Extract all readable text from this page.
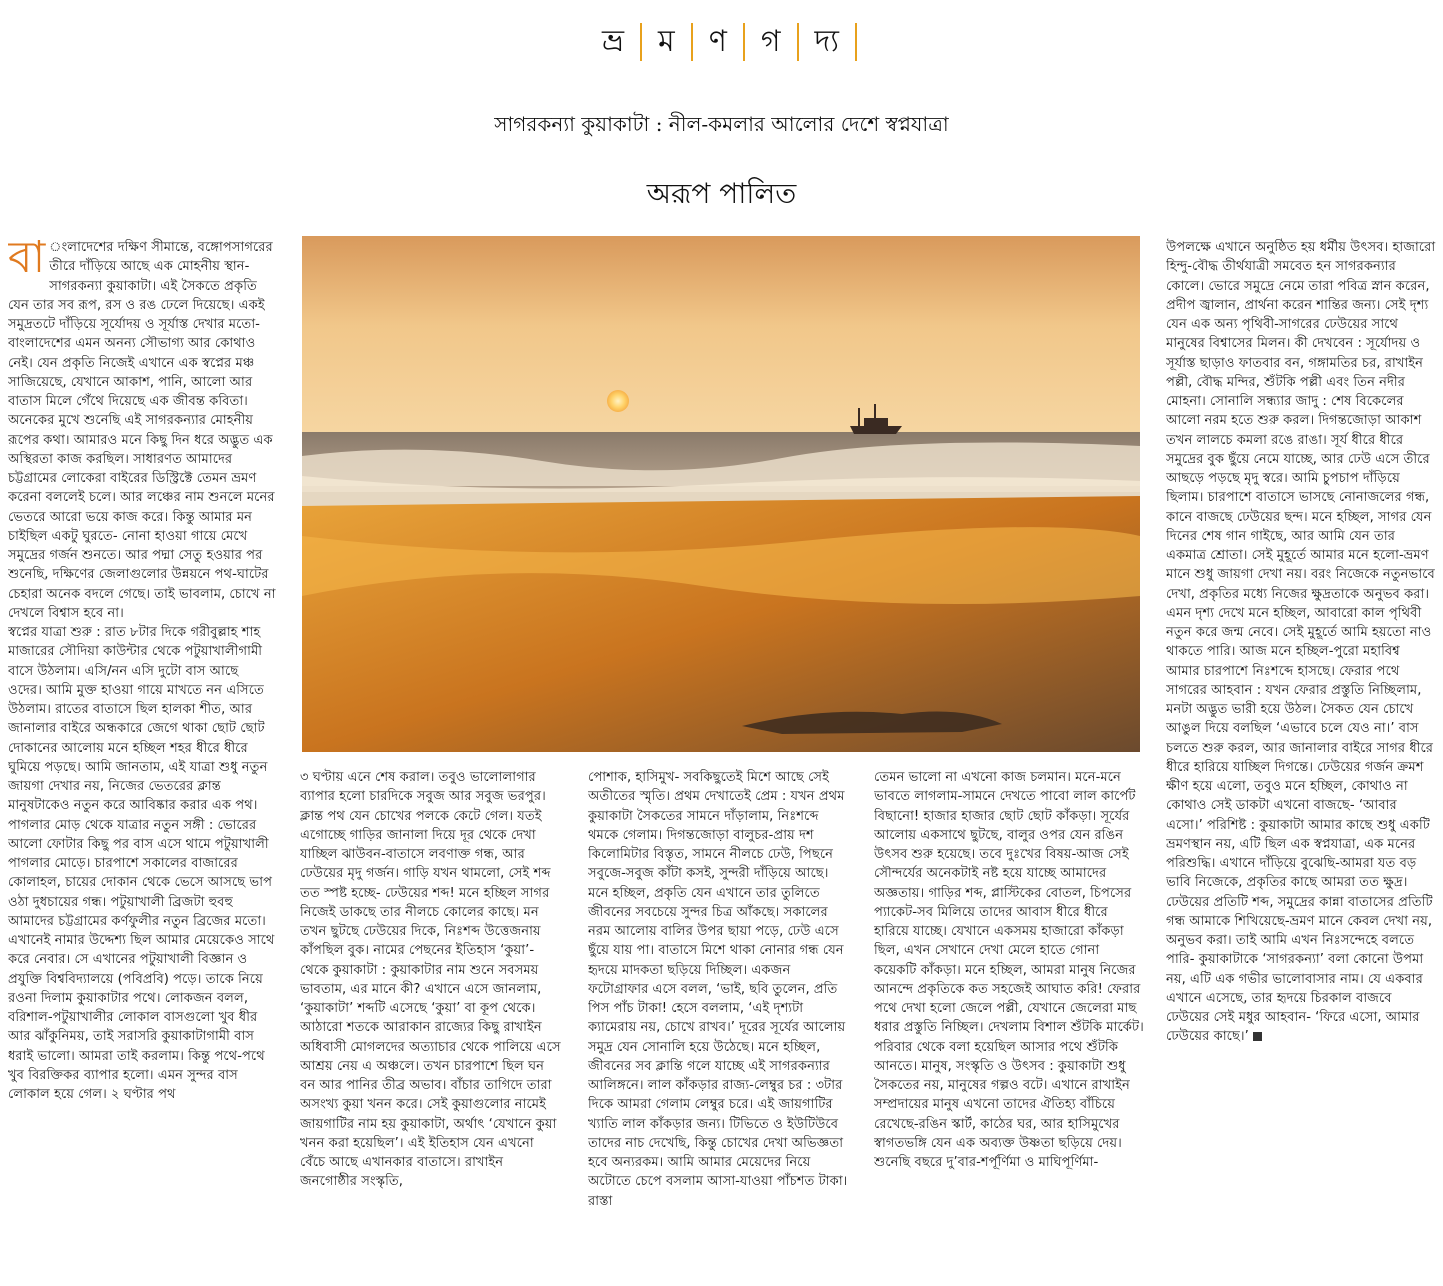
ভ্র	ম	ণ	গ	দ্য
সাগরকন্যা কুয়াকাটা : নীল-কমলার আলোর দেশে স্বপ্নযাত্রা
অরূপ পালিত

বা ংলাদেশের দক্ষিণ সীমান্তে, বঙ্গোপসাগরের তীরে দাঁড়িয়ে আছে এক মোহনীয় স্থান-সাগরকন্যা কুয়াকাটা। এই সৈকতে প্রকৃতি যেন তার সব রূপ, রস ও রঙ ঢেলে দিয়েছে। একই সমুদ্রতটে দাঁড়িয়ে সূর্যোদয় ও সূর্যাস্ত দেখার মতো-বাংলাদেশের এমন অনন্য সৌভাগ্য আর কোথাও নেই। যেন প্রকৃতি নিজেই এখানে এক স্বপ্নের মঞ্চ সাজিয়েছে, যেখানে আকাশ, পানি, আলো আর বাতাস মিলে গেঁথে দিয়েছে এক জীবন্ত কবিতা। অনেকের মুখে শুনেছি এই সাগরকন্যার মোহনীয় রূপের কথা। আমারও মনে কিছু দিন ধরে অদ্ভুত এক অস্থিরতা কাজ করছিল। সাধারণত আমাদের চট্টগ্রামের লোকেরা বাইরের ডিস্ট্রিক্টে তেমন ভ্রমণ করেনা বললেই চলে। আর লঞ্চের নাম শুনলে মনের ভেতরে আরো ভয়ে কাজ করে। কিন্তু আমার মন চাইছিল একটু ঘুরতে- নোনা হাওয়া গায়ে মেখে সমুদ্রের গর্জন শুনতে। আর পদ্মা সেতু হওয়ার পর শুনেছি, দক্ষিণের জেলাগুলোর উন্নয়নে পথ-ঘাটের চেহারা অনেক বদলে গেছে। তাই ভাবলাম, চোখে না দেখলে বিশ্বাস হবে না।

স্বপ্নের যাত্রা শুরু : রাত ৮টার দিকে গরীবুল্লাহ শাহ মাজারের সৌদিয়া কাউন্টার থেকে পটুয়াখালীগামী বাসে উঠলাম। এসি/নন এসি দুটো বাস আছে ওদের। আমি মুক্ত হাওয়া গায়ে মাখতে নন এসিতে উঠলাম। রাতের বাতাসে ছিল হালকা শীত, আর জানালার বাইরে অন্ধকারে জেগে থাকা ছোট ছোট দোকানের আলোয় মনে হচ্ছিল শহর ধীরে ধীরে ঘুমিয়ে পড়ছে। আমি জানতাম, এই যাত্রা শুধু নতুন জায়গা দেখার নয়, নিজের ভেতরের ক্লান্ত মানুষটাকেও নতুন করে আবিষ্কার করার এক পথ। পাগলার মোড় থেকে যাত্রার নতুন সঙ্গী : ভোরের আলো ফোটার কিছু পর বাস এসে থামে পটুয়াখালী পাগলার মোড়ে। চারপাশে সকালের বাজারের কোলাহল, চায়ের দোকান থেকে ভেসে আসছে ভাপ ওঠা দুধচায়ের গন্ধ। পটুয়াখালী ব্রিজটা হুবহু আমাদের চট্টগ্রামের কর্ণফুলীর নতুন ব্রিজের মতো। এখানেই নামার উদ্দেশ্য ছিল আমার মেয়েকেও সাথে করে নেবার। সে এখানের পটুয়াখালী বিজ্ঞান ও প্রযুক্তি বিশ্ববিদ্যালয়ে (পবিপ্রবি) পড়ে। তাকে নিয়ে রওনা দিলাম কুয়াকাটার পথে। লোকজন বলল, বরিশাল-পটুয়াখালীর লোকাল বাসগুলো খুব ধীর আর ঝাঁকুনিময়, তাই সরাসরি কুয়াকাটাগামী বাস ধরাই ভালো। আমরা তাই করলাম। কিন্তু পথে-পথে খুব বিরক্তিকর ব্যাপার হলো। এমন সুন্দর বাস লোকাল হয়ে গেল। ২ ঘণ্টার পথ

৩ ঘণ্টায় এনে শেষ করাল। তবুও ভালোলাগার ব্যাপার হলো চারদিকে সবুজ আর সবুজ ভরপুর। ক্লান্ত পথ যেন চোখের পলকে কেটে গেল। যতই এগোচ্ছে গাড়ির জানালা দিয়ে দূর থেকে দেখা যাচ্ছিল ঝাউবন-বাতাসে লবণাক্ত গন্ধ, আর ঢেউয়ের মৃদু গর্জন। গাড়ি যখন থামলো, সেই শব্দ তত স্পষ্ট হচ্ছে- ঢেউয়ের শব্দ! মনে হচ্ছিল সাগর নিজেই ডাকছে তার নীলচে কোলের কাছে। মন তখন ছুটছে ঢেউয়ের দিকে, নিঃশব্দ উত্তেজনায় কাঁপছিল বুক। নামের পেছনের ইতিহাস ‘কুয়া’- থেকে কুয়াকাটা : কুয়াকাটার নাম শুনে সবসময় ভাবতাম, এর মানে কী? এখানে এসে জানলাম, ‘কুয়াকাটা’ শব্দটি এসেছে ‘কুয়া’ বা কূপ থেকে। আঠারো শতকে আরাকান রাজ্যের কিছু রাখাইন অধিবাসী মোগলদের অত্যাচার থেকে পালিয়ে এসে আশ্রয় নেয় এ অঞ্চলে। তখন চারপাশে ছিল ঘন বন আর পানির তীব্র অভাব। বাঁচার তাগিদে তারা অসংখ্য কুয়া খনন করে। সেই কুয়াগুলোর নামেই জায়গাটির নাম হয় কুয়াকাটা, অর্থাৎ ‘যেখানে কুয়া খনন করা হয়েছিল’। এই ইতিহাস যেন এখনো বেঁচে আছে এখানকার বাতাসে। রাখাইন জনগোষ্ঠীর সংস্কৃতি,

পোশাক, হাসিমুখ- সবকিছুতেই মিশে আছে সেই অতীতের স্মৃতি। প্রথম দেখাতেই প্রেম : যখন প্রথম কুয়াকাটা সৈকতের সামনে দাঁড়ালাম, নিঃশব্দে থমকে গেলাম। দিগন্তজোড়া বালুচর-প্রায় দশ কিলোমিটার বিস্তৃত, সামনে নীলচে ঢেউ, পিছনে সবুজে-সবুজ কাঁটা কসই, সুন্দরী দাঁড়িয়ে আছে। মনে হচ্ছিল, প্রকৃতি যেন এখানে তার তুলিতে জীবনের সবচেয়ে সুন্দর চিত্র আঁকছে। সকালের নরম আলোয় বালির উপর ছায়া পড়ে, ঢেউ এসে ছুঁয়ে যায় পা। বাতাসে মিশে থাকা নোনার গন্ধ যেন হৃদয়ে মাদকতা ছড়িয়ে দিচ্ছিল। একজন ফটোগ্রাফার এসে বলল, ‘ভাই, ছবি তুলেন, প্রতি পিস পাঁচ টাকা! হেসে বললাম, ‘এই দৃশ্যটা ক্যামেরায় নয়, চোখে রাখব।’ দূরের সূর্যের আলোয় সমুদ্র যেন সোনালি হয়ে উঠেছে। মনে হচ্ছিল, জীবনের সব ক্লান্তি গলে যাচ্ছে এই সাগরকন্যার আলিঙ্গনে। লাল কাঁকড়ার রাজ্য-লেম্বুর চর : ৩টার দিকে আমরা গেলাম লেম্বুর চরে। এই জায়গাটির খ্যাতি লাল কাঁকড়ার জন্য। টিভিতে ও ইউটিউবে তাদের নাচ দেখেছি, কিন্তু চোখের দেখা অভিজ্ঞতা হবে অন্যরকম। আমি আমার মেয়েদের নিয়ে অটোতে চেপে বসলাম আসা-যাওয়া পাঁচশত টাকা। রাস্তা

তেমন ভালো না এখনো কাজ চলমান। মনে-মনে ভাবতে লাগলাম-সামনে দেখতে পাবো লাল কার্পেট বিছানো! হাজার হাজার ছোট ছোট কাঁকড়া। সূর্যের আলোয় একসাথে ছুটছে, বালুর ওপর যেন রঙিন উৎসব শুরু হয়েছে। তবে দুঃখের বিষয়-আজ সেই সৌন্দর্যের অনেকটাই নষ্ট হয়ে যাচ্ছে আমাদের অজ্ঞতায়। গাড়ির শব্দ, প্লাস্টিকের বোতল, চিপসের প্যাকেট-সব মিলিয়ে তাদের আবাস ধীরে ধীরে হারিয়ে যাচ্ছে। যেখানে একসময় হাজারো কাঁকড়া ছিল, এখন সেখানে দেখা মেলে হাতে গোনা কয়েকটি কাঁকড়া। মনে হচ্ছিল, আমরা মানুষ নিজের আনন্দে প্রকৃতিকে কত সহজেই আঘাত করি! ফেরার পথে দেখা হলো জেলে পল্লী, যেখানে জেলেরা মাছ ধরার প্রস্তুতি নিচ্ছিল। দেখলাম বিশাল শুঁটকি মার্কেট। পরিবার থেকে বলা হয়েছিল আসার পথে শুঁটকি আনতে। মানুষ, সংস্কৃতি ও উৎসব : কুয়াকাটা শুধু সৈকতের নয়, মানুষের গল্পও বটে। এখানে রাখাইন সম্প্রদায়ের মানুষ এখনো তাদের ঐতিহ্য বাঁচিয়ে রেখেছে-রঙিন স্কার্ট, কাঠের ঘর, আর হাসিমুখের স্বাগতভঙ্গি যেন এক অব্যক্ত উষ্ণতা ছড়িয়ে দেয়। শুনেছি বছরে দু’বার-শর্পূর্ণিমা ও মাঘিপূর্ণিমা-

উপলক্ষে এখানে অনুষ্ঠিত হয় ধর্মীয় উৎসব। হাজারো হিন্দু-বৌদ্ধ তীর্থযাত্রী সমবেত হন সাগরকন্যার কোলে। ভোরে সমুদ্রে নেমে তারা পবিত্র স্নান করেন, প্রদীপ জ্বালান, প্রার্থনা করেন শান্তির জন্য। সেই দৃশ্য যেন এক অন্য পৃথিবী-সাগরের ঢেউয়ের সাথে মানুষের বিশ্বাসের মিলন। কী দেখবেন : সূর্যোদয় ও সূর্যাস্ত ছাড়াও ফাতবার বন, গঙ্গামতির চর, রাখাইন পল্লী, বৌদ্ধ মন্দির, শুঁটকি পল্লী এবং তিন নদীর মোহনা। সোনালি সন্ধ্যার জাদু : শেষ বিকেলের আলো নরম হতে শুরু করল। দিগন্তজোড়া আকাশ তখন লালচে কমলা রঙে রাঙা। সূর্য ধীরে ধীরে সমুদ্রের বুক ছুঁয়ে নেমে যাচ্ছে, আর ঢেউ এসে তীরে আছড়ে পড়ছে মৃদু স্বরে। আমি চুপচাপ দাঁড়িয়ে ছিলাম। চারপাশে বাতাসে ভাসছে নোনাজলের গন্ধ, কানে বাজছে ঢেউয়ের ছন্দ। মনে হচ্ছিল, সাগর যেন দিনের শেষ গান গাইছে, আর আমি যেন তার একমাত্র শ্রোতা। সেই মুহূর্তে আমার মনে হলো-ভ্রমণ মানে শুধু জায়গা দেখা নয়। বরং নিজেকে নতুনভাবে দেখা, প্রকৃতির মধ্যে নিজের ক্ষুদ্রতাকে অনুভব করা। এমন দৃশ্য দেখে মনে হচ্ছিল, আবারো কাল পৃথিবী নতুন করে জন্ম নেবে। সেই মুহূর্তে আমি হয়তো নাও থাকতে পারি। আজ মনে হচ্ছিল-পুরো মহাবিশ্ব আমার চারপাশে নিঃশব্দে হাসছে। ফেরার পথে সাগরের আহবান : যখন ফেরার প্রস্তুতি নিচ্ছিলাম, মনটা অদ্ভুত ভারী হয়ে উঠল। সৈকত যেন চোখে আঙুল দিয়ে বলছিল ‘এভাবে চলে যেও না।’ বাস চলতে শুরু করল, আর জানালার বাইরে সাগর ধীরে ধীরে হারিয়ে যাচ্ছিল দিগন্তে। ঢেউয়ের গর্জন ক্রমশ ক্ষীণ হয়ে এলো, তবুও মনে হচ্ছিল, কোথাও না কোথাও সেই ডাকটা এখনো বাজছে- ‘আবার এসো।’ পরিশিষ্ট : কুয়াকাটা আমার কাছে শুধু একটি ভ্রমণস্থান নয়, এটি ছিল এক স্বপ্নযাত্রা, এক মনের পরিশুদ্ধি। এখানে দাঁড়িয়ে বুঝেছি-আমরা যত বড় ভাবি নিজেকে, প্রকৃতির কাছে আমরা তত ক্ষুদ্র। ঢেউয়ের প্রতিটি শব্দ, সমুদ্রের কান্না বাতাসের প্রতিটি গন্ধ আমাকে শিখিয়েছে-ভ্রমণ মানে কেবল দেখা নয়, অনুভব করা। তাই আমি এখন নিঃসন্দেহে বলতে পারি- কুয়াকাটাকে ‘সাগরকন্যা’ বলা কোনো উপমা নয়, এটি এক গভীর ভালোবাসার নাম। যে একবার এখানে এসেছে, তার হৃদয়ে চিরকাল বাজবে ঢেউয়ের সেই মধুর আহবান- ‘ফিরে এসো, আমার ঢেউয়ের কাছে।’
